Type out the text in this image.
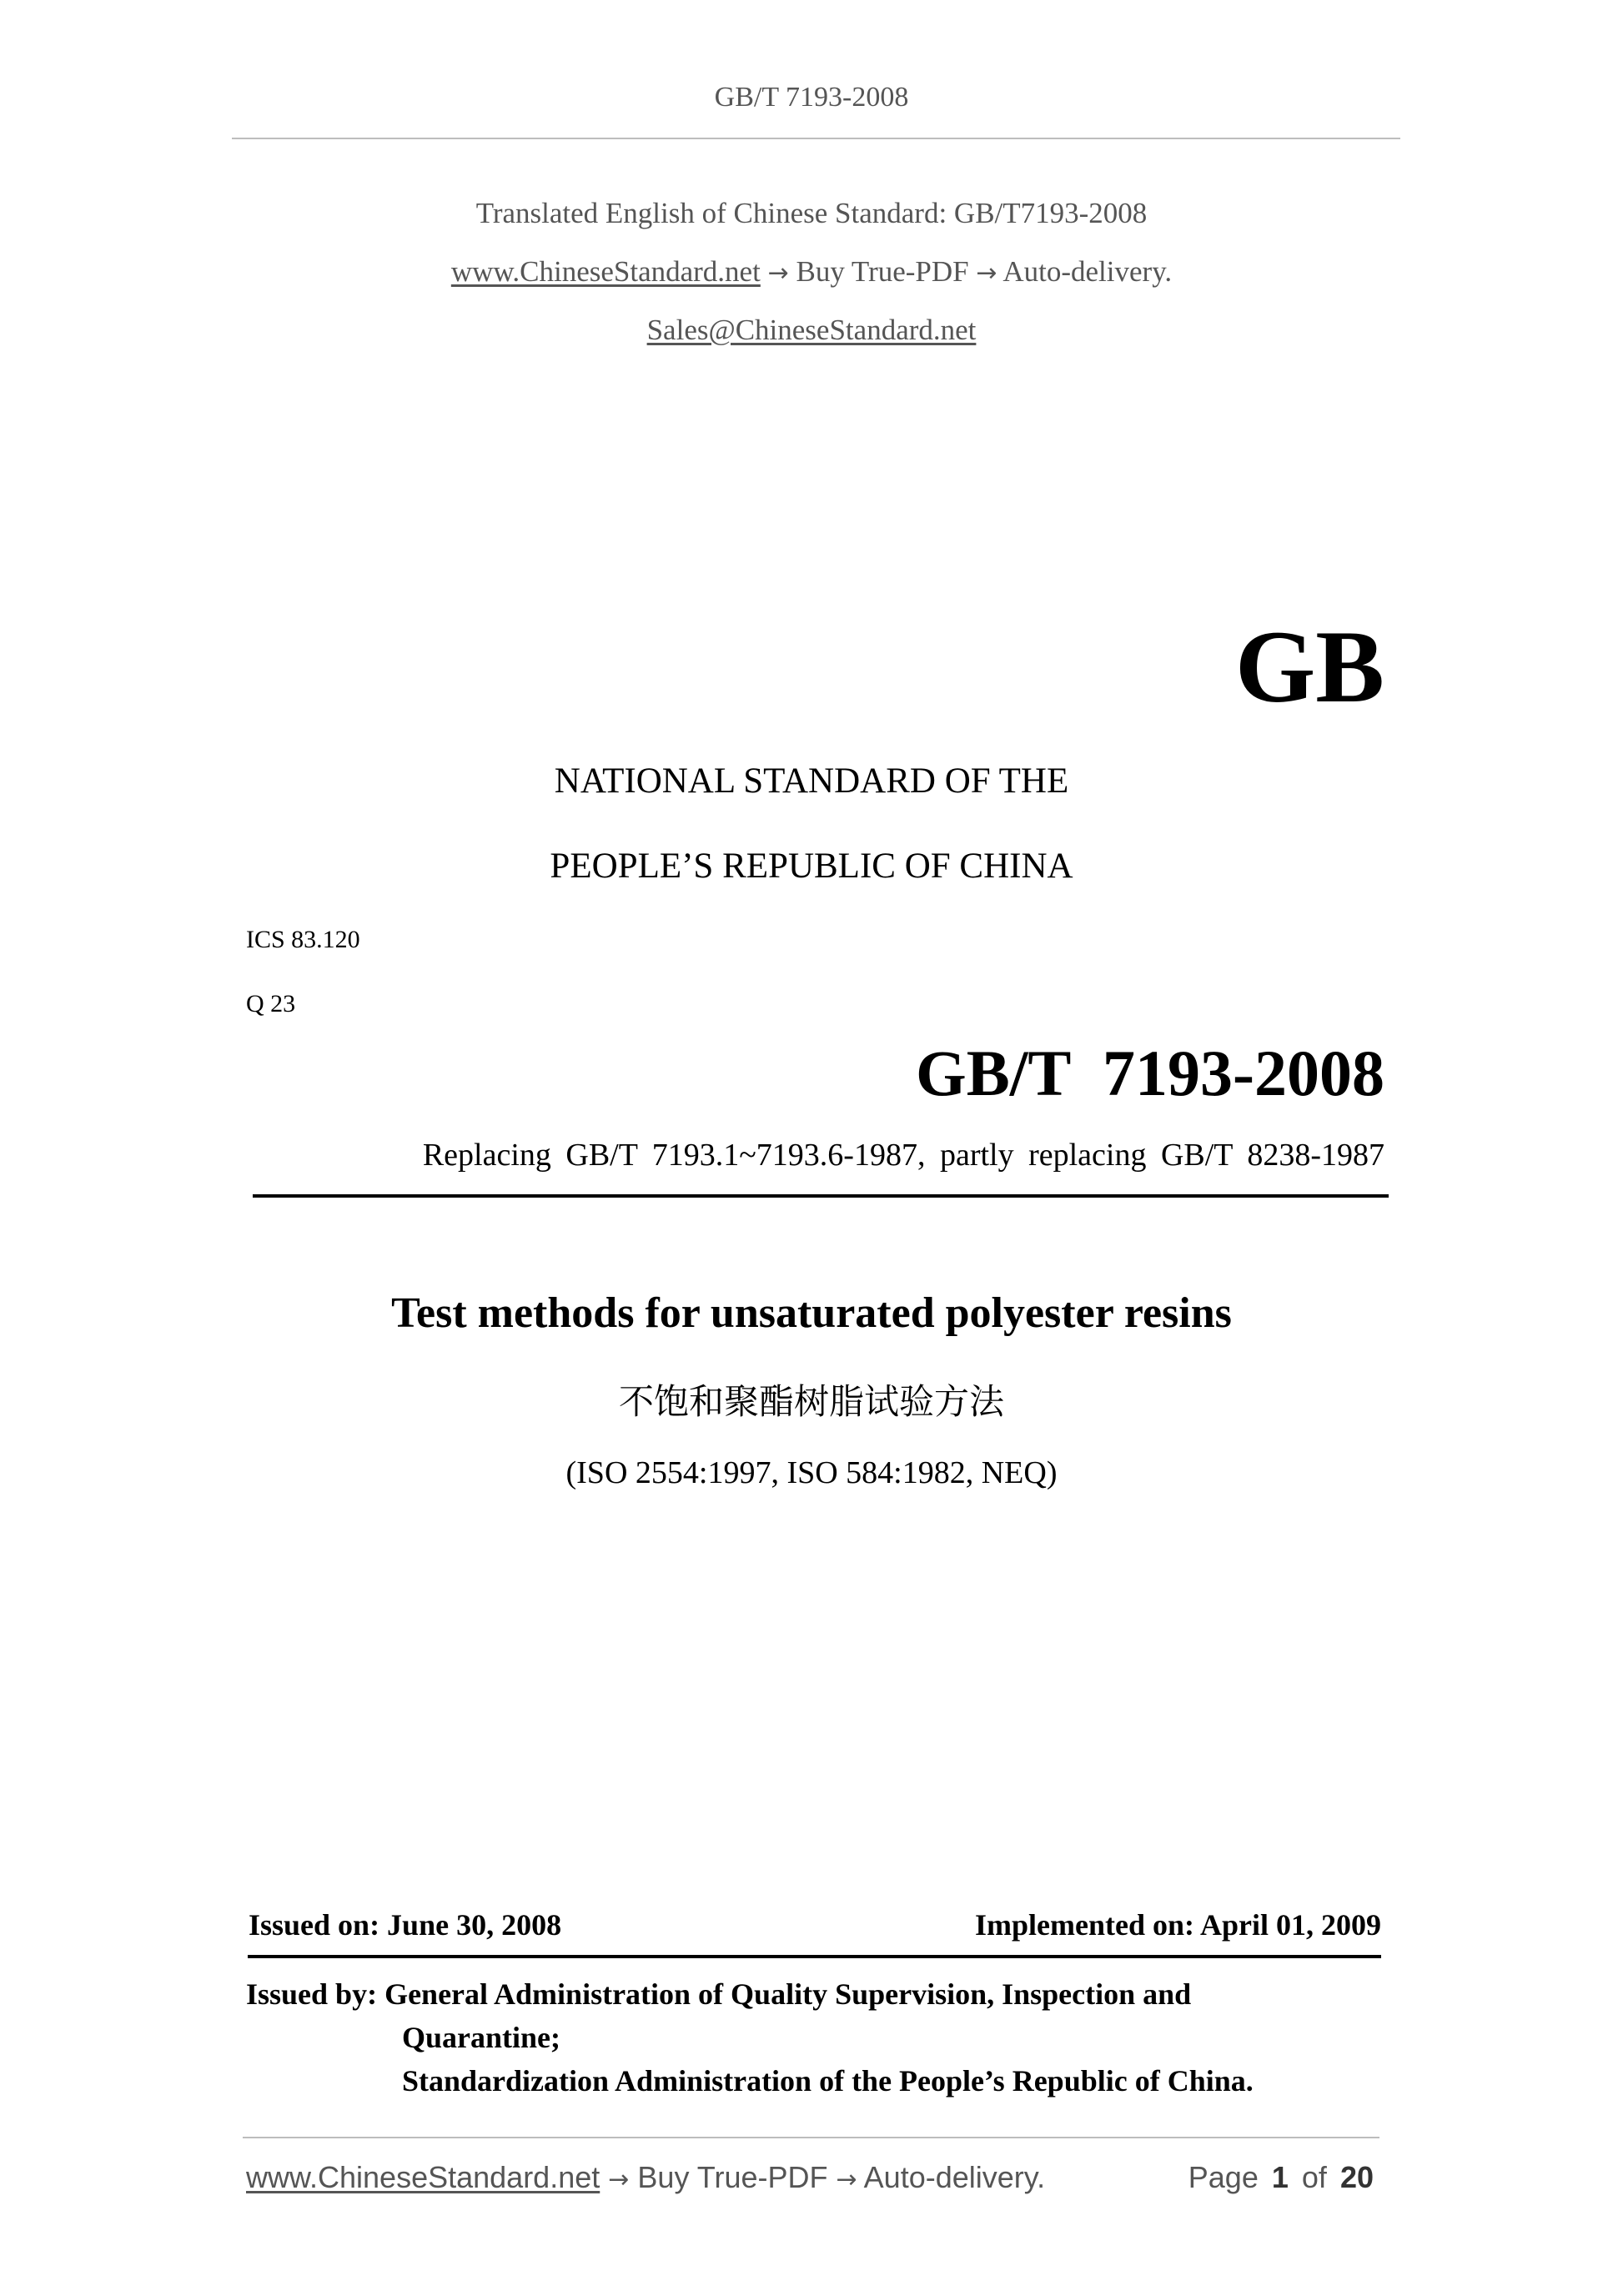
GB/T 7193-2008
Translated English of Chinese Standard: GB/T7193-2008
www.ChineseStandard.net → Buy True-PDF → Auto-delivery.
Sales@ChineseStandard.net
GB
NATIONAL STANDARD OF THE
PEOPLE’S REPUBLIC OF CHINA
ICS 83.120
Q 23
GB/T  7193-2008
Replacing GB/T 7193.1~7193.6-1987, partly replacing GB/T 8238-1987
Test methods for unsaturated polyester resins
不饱和聚酯树脂试验方法
(ISO 2554:1997, ISO 584:1982, NEQ)
Issued on: June 30, 2008	Implemented on: April 01, 2009
Issued by: General Administration of Quality Supervision, Inspection and
Quarantine;
Standardization Administration of the People’s Republic of China.
www.ChineseStandard.net → Buy True-PDF → Auto-delivery.	Page 1 of 20
